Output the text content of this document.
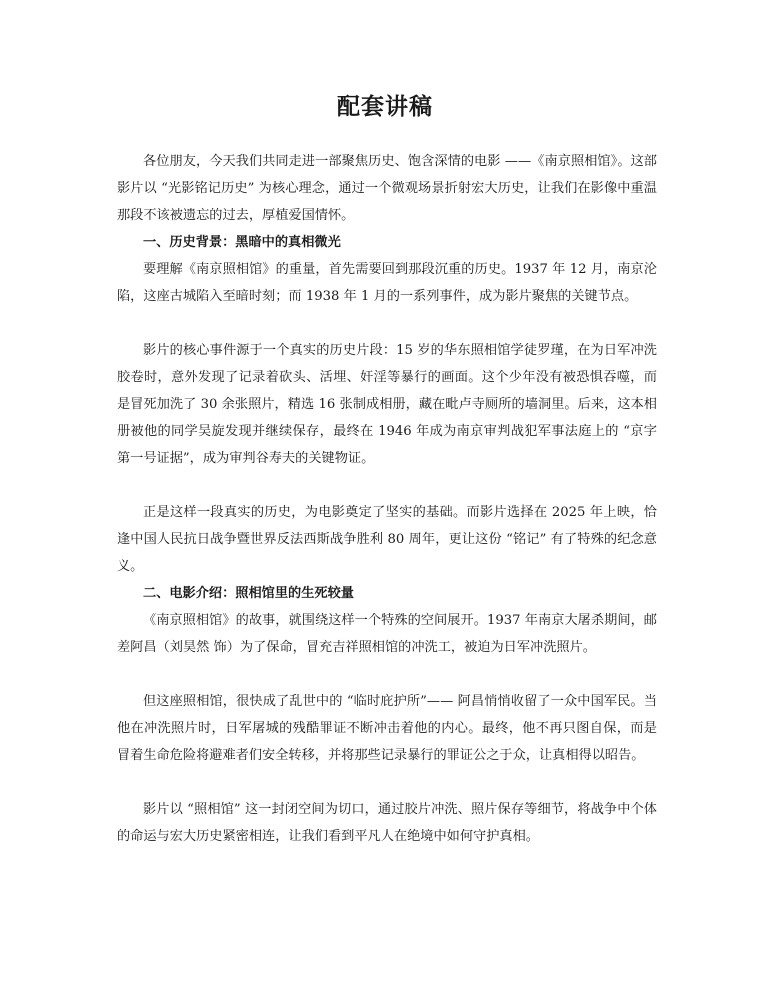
配套讲稿

各位朋友，今天我们共同走进一部聚焦历史、饱含深情的电影 ——《南京照相馆》。这部影片以 “光影铭记历史” 为核心理念，通过一个微观场景折射宏大历史，让我们在影像中重温那段不该被遗忘的过去，厚植爱国情怀。

一、历史背景：黑暗中的真相微光

要理解《南京照相馆》的重量，首先需要回到那段沉重的历史。1937 年 12 月，南京沦陷，这座古城陷入至暗时刻；而 1938 年 1 月的一系列事件，成为影片聚焦的关键节点。

影片的核心事件源于一个真实的历史片段：15 岁的华东照相馆学徒罗瑾，在为日军冲洗胶卷时，意外发现了记录着砍头、活埋、奸淫等暴行的画面。这个少年没有被恐惧吞噬，而是冒死加洗了 30 余张照片，精选 16 张制成相册，藏在毗卢寺厕所的墙洞里。后来，这本相册被他的同学吴旋发现并继续保存，最终在 1946 年成为南京审判战犯军事法庭上的 “京字第一号证据”，成为审判谷寿夫的关键物证。

正是这样一段真实的历史，为电影奠定了坚实的基础。而影片选择在 2025 年上映，恰逢中国人民抗日战争暨世界反法西斯战争胜利 80 周年，更让这份 “铭记” 有了特殊的纪念意义。

二、电影介绍：照相馆里的生死较量

《南京照相馆》的故事，就围绕这样一个特殊的空间展开。1937 年南京大屠杀期间，邮差阿昌（刘昊然 饰）为了保命，冒充吉祥照相馆的冲洗工，被迫为日军冲洗照片。

但这座照相馆，很快成了乱世中的 “临时庇护所”—— 阿昌悄悄收留了一众中国军民。当他在冲洗照片时，日军屠城的残酷罪证不断冲击着他的内心。最终，他不再只图自保，而是冒着生命危险将避难者们安全转移，并将那些记录暴行的罪证公之于众，让真相得以昭告。

影片以 “照相馆” 这一封闭空间为切口，通过胶片冲洗、照片保存等细节，将战争中个体的命运与宏大历史紧密相连，让我们看到平凡人在绝境中如何守护真相。
